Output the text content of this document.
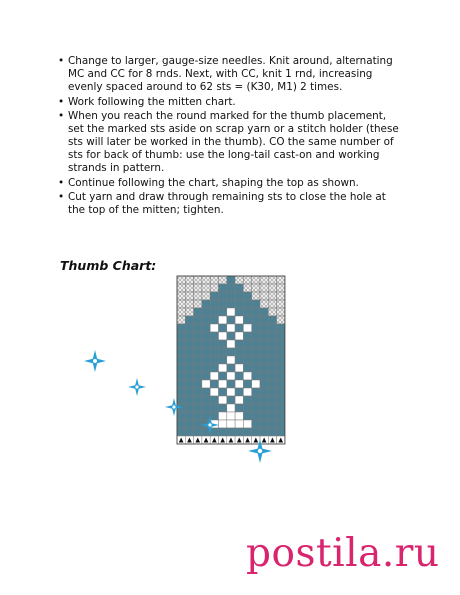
• Change to larger, gauge-size needles. Knit around, alternating MC and CC for 8 rnds. Next, with CC, knit 1 rnd, increasing evenly spaced around to 62 sts = (K30, M1) 2 times.
• Work following the mitten chart.
• When you reach the round marked for the thumb placement, set the marked sts aside on scrap yarn or a stitch holder (these sts will later be worked in the thumb). CO the same number of sts for back of thumb: use the long-tail cast-on and working strands in pattern.
• Continue following the chart, shaping the top as shown.
• Cut yarn and draw through remaining sts to close the hole at the top of the mitten; tighten.
Thumb Chart:
postila.ru
